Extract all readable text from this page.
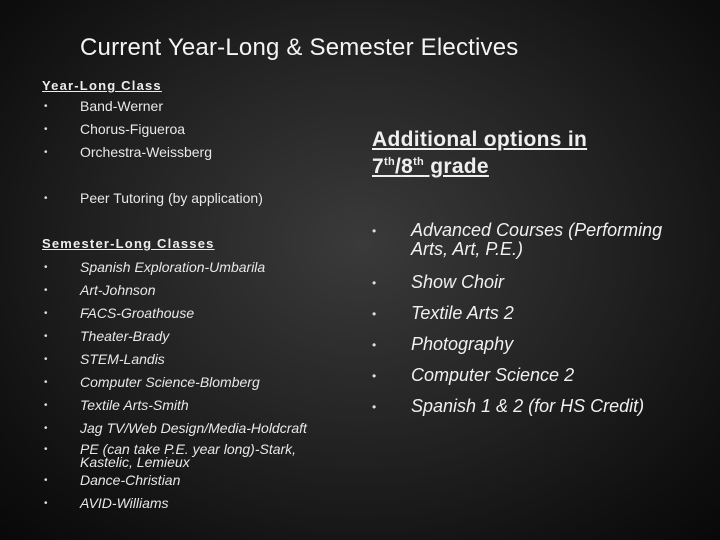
Current Year-Long & Semester Electives
Year-Long Class
• Band-Werner
• Chorus-Figueroa
• Orchestra-Weissberg
• Peer Tutoring (by application)
Semester-Long Classes
• Spanish Exploration-Umbarila
• Art-Johnson
• FACS-Groathouse
• Theater-Brady
• STEM-Landis
• Computer Science-Blomberg
• Textile Arts-Smith
• Jag TV/Web Design/Media-Holdcraft
• PE (can take P.E. year long)-Stark, Kastelic, Lemieux
• Dance-Christian
• AVID-Williams
Additional options in
7th/8th grade
• Advanced Courses (Performing Arts, Art, P.E.)
• Show Choir
• Textile Arts 2
• Photography
• Computer Science 2
• Spanish 1 & 2 (for HS Credit)
